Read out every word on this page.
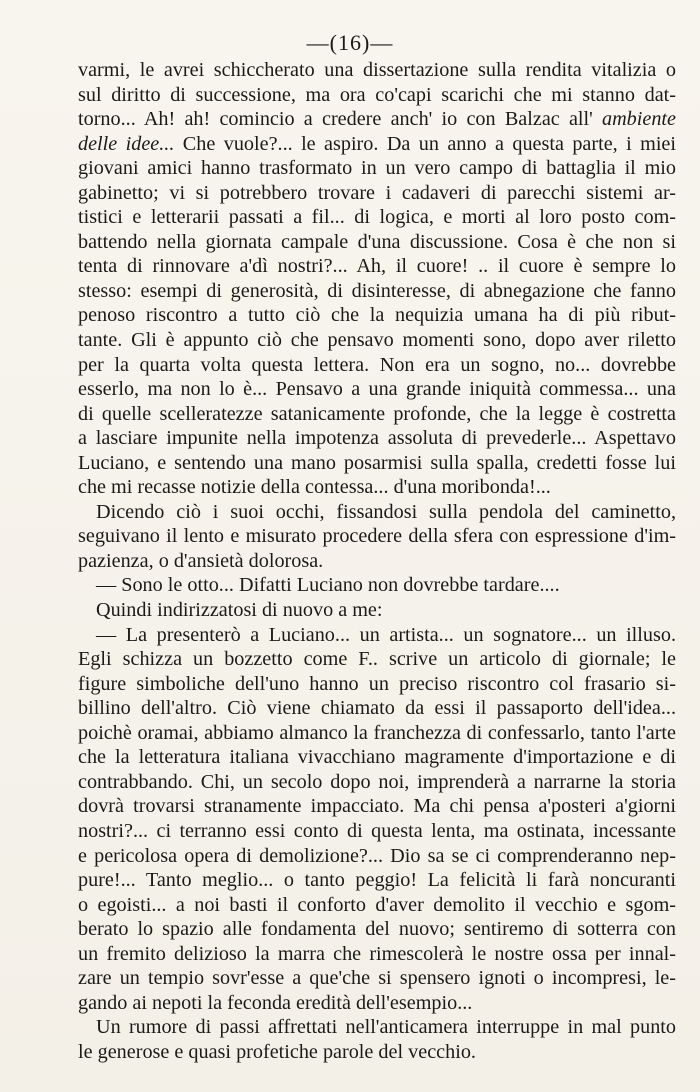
—(16)—
varmi, le avrei schiccherato una dissertazione sulla rendita vitalizia o
sul diritto di successione, ma ora co'capi scarichi che mi stanno dat-
torno... Ah! ah! comincio a credere anch' io con Balzac all' ambiente
delle idee... Che vuole?... le aspiro. Da un anno a questa parte, i miei
giovani amici hanno trasformato in un vero campo di battaglia il mio
gabinetto; vi si potrebbero trovare i cadaveri di parecchi sistemi ar-
tistici e letterarii passati a fil... di logica, e morti al loro posto com-
battendo nella giornata campale d'una discussione. Cosa è che non si
tenta di rinnovare a'dì nostri?... Ah, il cuore! .. il cuore è sempre lo
stesso: esempi di generosità, di disinteresse, di abnegazione che fanno
penoso riscontro a tutto ciò che la nequizia umana ha di più ribut-
tante. Gli è appunto ciò che pensavo momenti sono, dopo aver riletto
per la quarta volta questa lettera. Non era un sogno, no... dovrebbe
esserlo, ma non lo è... Pensavo a una grande iniquità commessa... una
di quelle scelleratezze satanicamente profonde, che la legge è costretta
a lasciare impunite nella impotenza assoluta di prevederle... Aspettavo
Luciano, e sentendo una mano posarmisi sulla spalla, credetti fosse lui
che mi recasse notizie della contessa... d'una moribonda!...
Dicendo ciò i suoi occhi, fissandosi sulla pendola del caminetto,
seguivano il lento e misurato procedere della sfera con espressione d'im-
pazienza, o d'ansietà dolorosa.
— Sono le otto... Difatti Luciano non dovrebbe tardare....
Quindi indirizzatosi di nuovo a me:
— La presenterò a Luciano... un artista... un sognatore... un illuso.
Egli schizza un bozzetto come F.. scrive un articolo di giornale; le
figure simboliche dell'uno hanno un preciso riscontro col frasario si-
billino dell'altro. Ciò viene chiamato da essi il passaporto dell'idea...
poichè oramai, abbiamo almanco la franchezza di confessarlo, tanto l'arte
che la letteratura italiana vivacchiano magramente d'importazione e di
contrabbando. Chi, un secolo dopo noi, imprenderà a narrarne la storia
dovrà trovarsi stranamente impacciato. Ma chi pensa a'posteri a'giorni
nostri?... ci terranno essi conto di questa lenta, ma ostinata, incessante
e pericolosa opera di demolizione?... Dio sa se ci comprenderanno nep-
pure!... Tanto meglio... o tanto peggio! La felicità li farà noncuranti
o egoisti... a noi basti il conforto d'aver demolito il vecchio e sgom-
berato lo spazio alle fondamenta del nuovo; sentiremo di sotterra con
un fremito delizioso la marra che rimescolerà le nostre ossa per innal-
zare un tempio sovr'esse a que'che si spensero ignoti o incompresi, le-
gando ai nepoti la feconda eredità dell'esempio...
Un rumore di passi affrettati nell'anticamera interruppe in mal punto
le generose e quasi profetiche parole del vecchio.
